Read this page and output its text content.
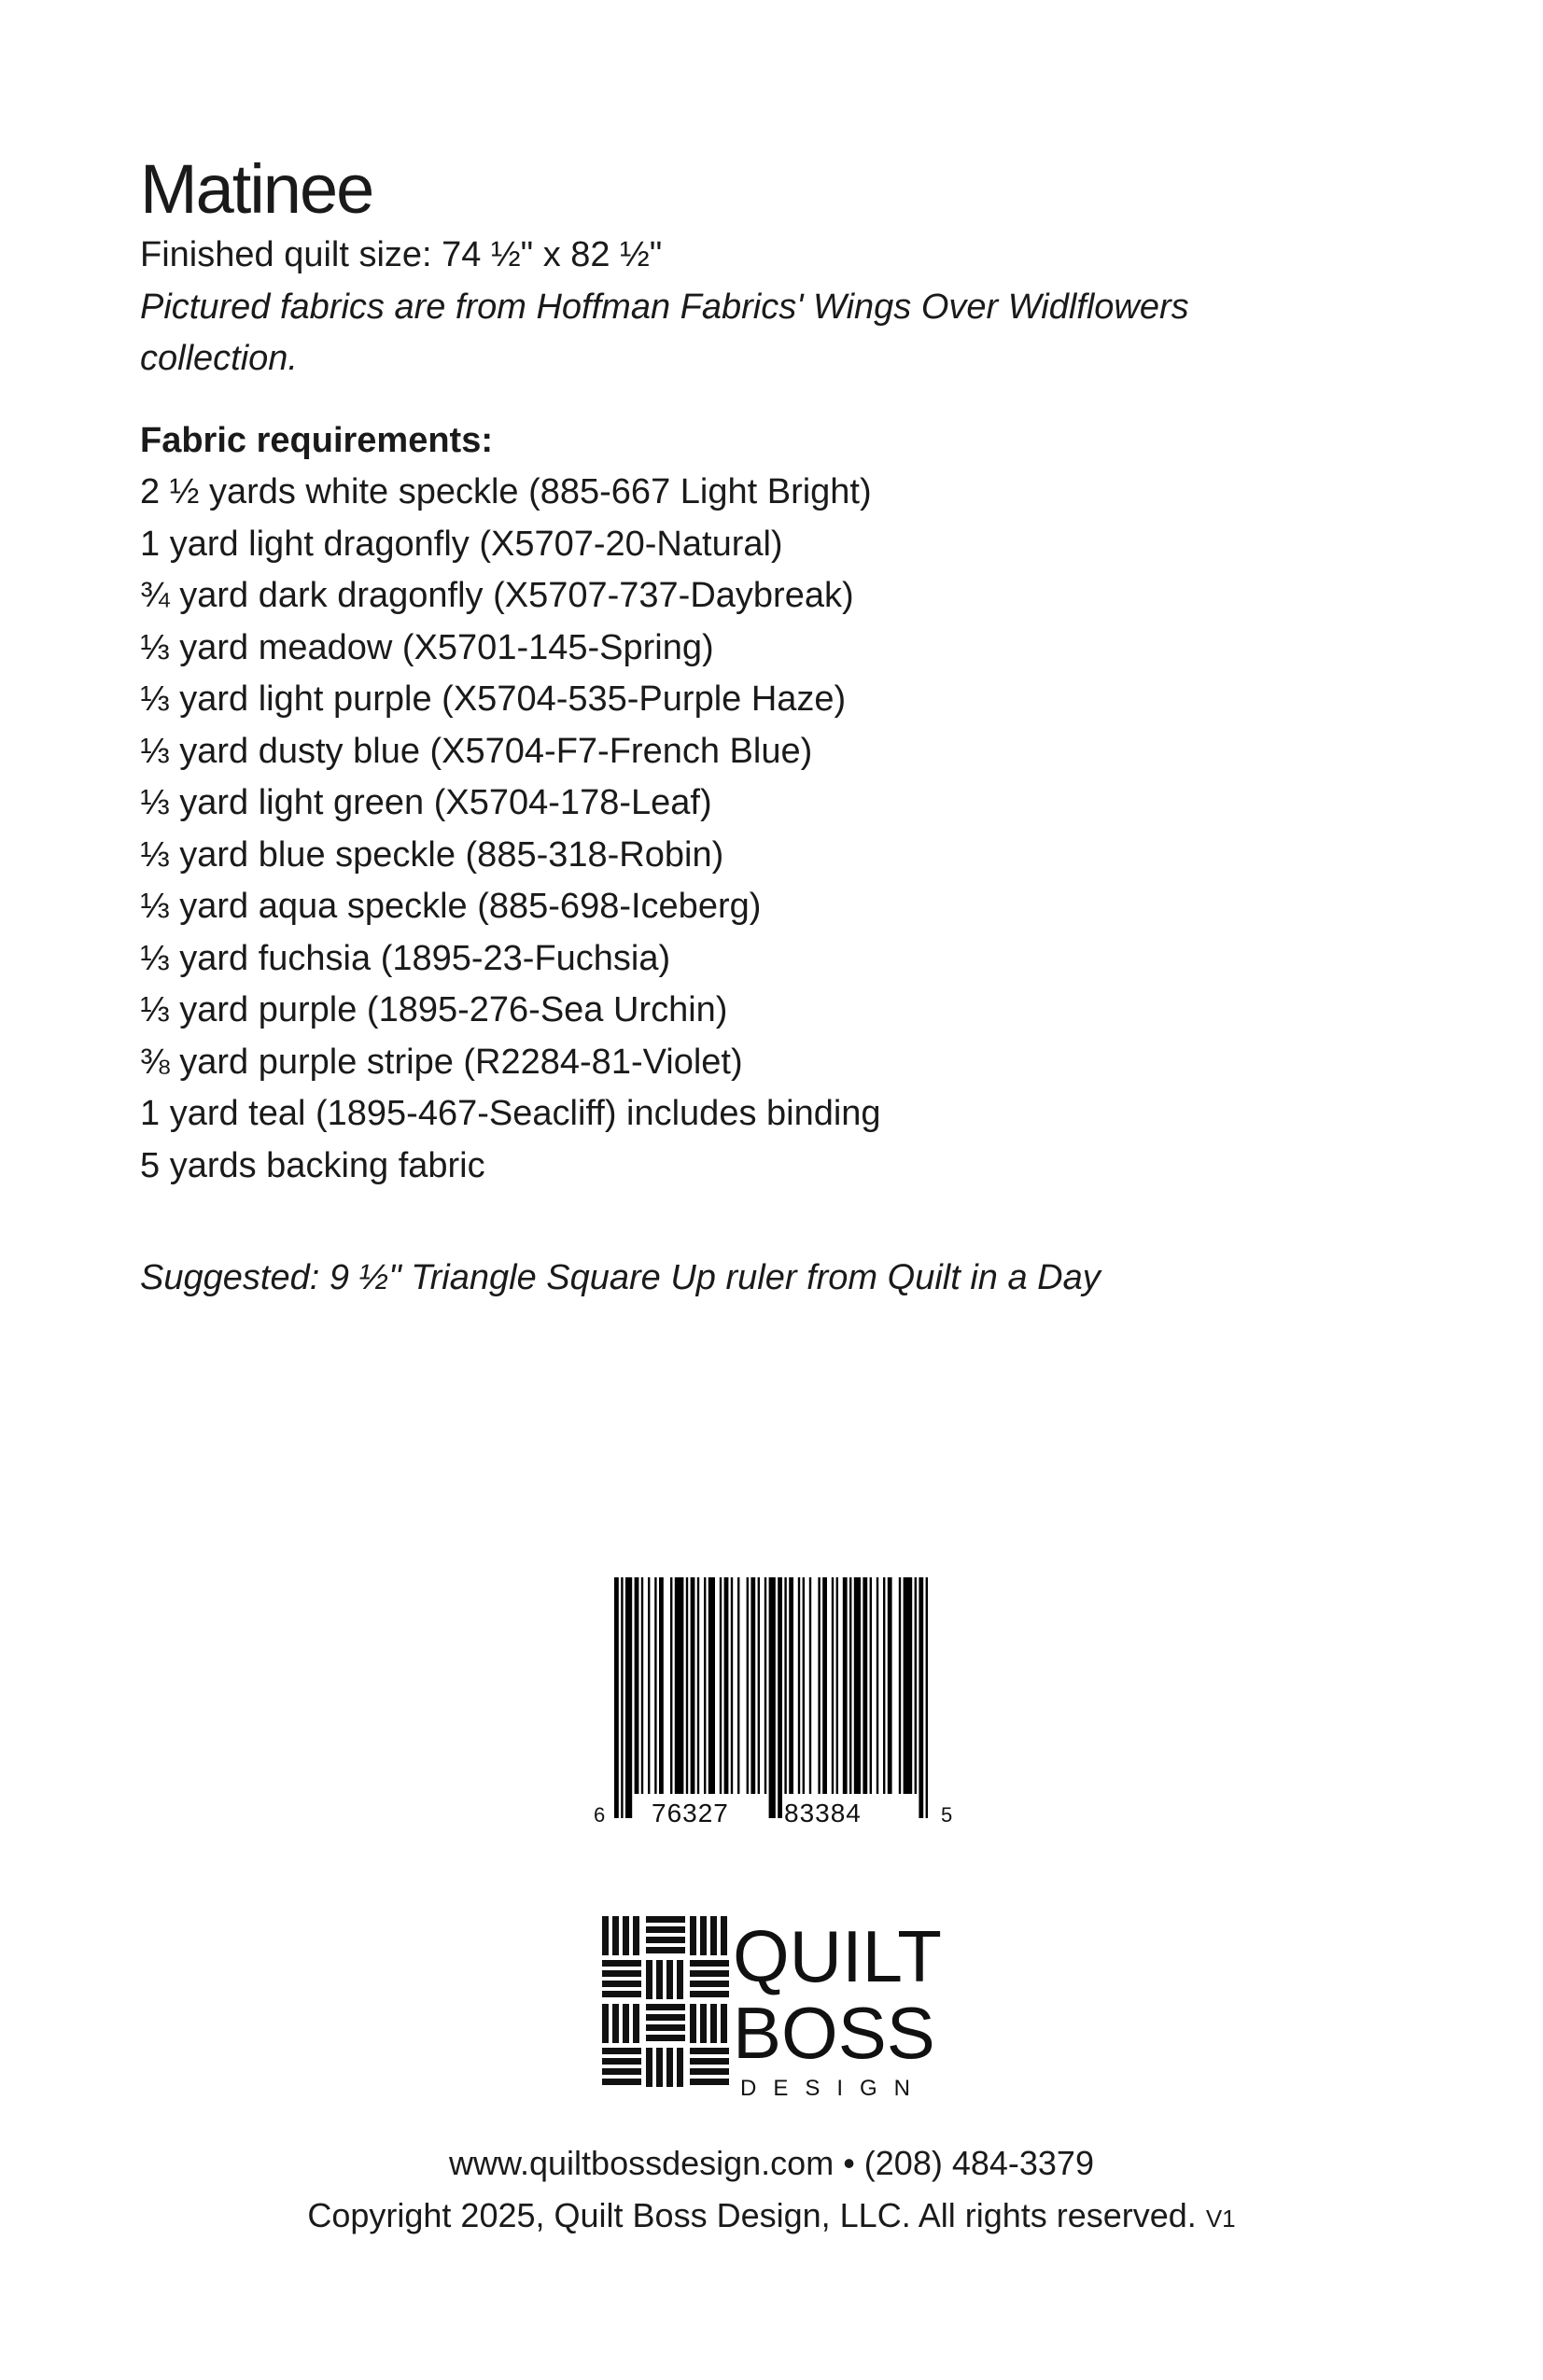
Matinee
Finished quilt size: 74 ½" x 82 ½"
Pictured fabrics are from Hoffman Fabrics' Wings Over Widlflowers
collection.
Fabric requirements:
2 ½ yards white speckle (885-667 Light Bright)
1 yard light dragonfly (X5707-20-Natural)
¾ yard dark dragonfly (X5707-737-Daybreak)
⅓ yard meadow (X5701-145-Spring)
⅓ yard light purple (X5704-535-Purple Haze)
⅓ yard dusty blue (X5704-F7-French Blue)
⅓ yard light green (X5704-178-Leaf)
⅓ yard blue speckle (885-318-Robin)
⅓ yard aqua speckle (885-698-Iceberg)
⅓ yard fuchsia (1895-23-Fuchsia)
⅓ yard purple (1895-276-Sea Urchin)
⅜ yard purple stripe (R2284-81-Violet)
1 yard teal (1895-467-Seacliff) includes binding
5 yards backing fabric
Suggested: 9 ½" Triangle Square Up ruler from Quilt in a Day
6 76327 83384	5
QUILT
BOSS
DESIGN
www.quiltbossdesign.com • (208) 484-3379
Copyright 2025, Quilt Boss Design, LLC. All rights reserved. V1
